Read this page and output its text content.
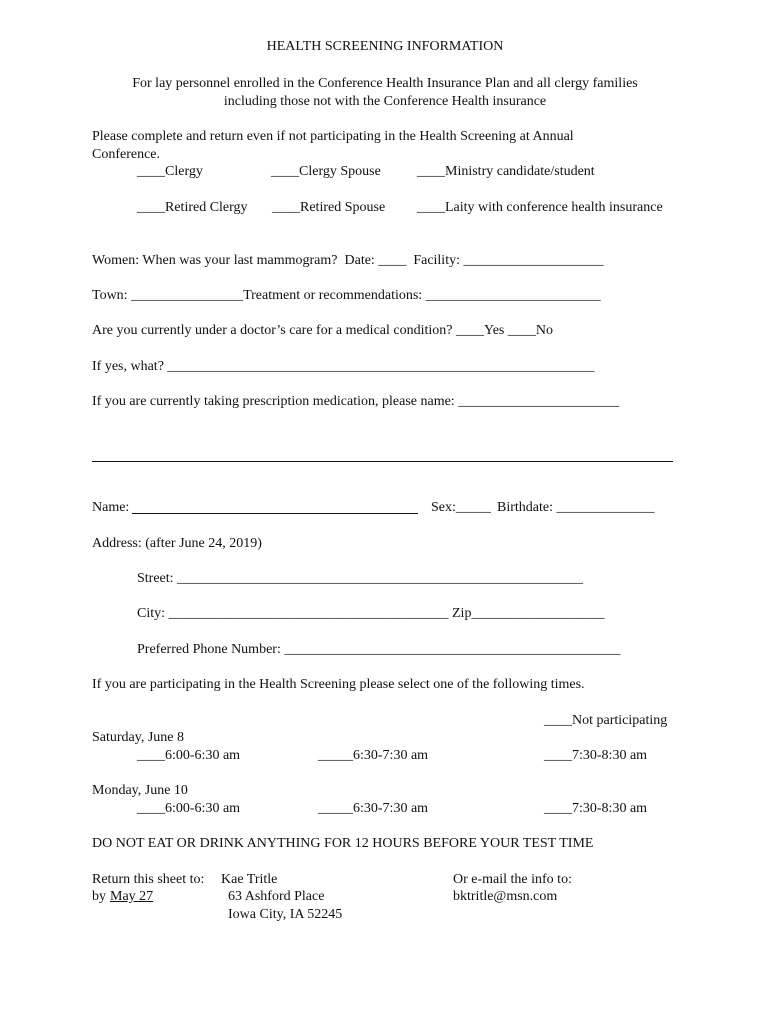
HEALTH SCREENING INFORMATION
For lay personnel enrolled in the Conference Health Insurance Plan and all clergy families
including those not with the Conference Health insurance
Please complete and return even if not participating in the Health Screening at Annual
Conference.
____Clergy	____Clergy Spouse	____Ministry candidate/student
____Retired Clergy ____Retired Spouse ____Laity with conference health insurance
Women: When was your last mammogram?  Date: ____  Facility: ____________________
Town: ________________Treatment or recommendations: _________________________
Are you currently under a doctor’s care for a medical condition? ____Yes ____No
If yes, what? _____________________________________________________________
If you are currently taking prescription medication, please name: _______________________
Name:	Sex:_____ Birthdate: ______________
Address: (after June 24, 2019)
Street: __________________________________________________________
City: ________________________________________ Zip___________________
Preferred Phone Number: ________________________________________________
If you are participating in the Health Screening please select one of the following times.
____Not participating
Saturday, June 8
____6:00-6:30 am	_____6:30-7:30 am	____7:30-8:30 am
Monday, June 10
____6:00-6:30 am	_____6:30-7:30 am	____7:30-8:30 am
DO NOT EAT OR DRINK ANYTHING FOR 12 HOURS BEFORE YOUR TEST TIME
Return this sheet to: Kae Tritle
by May 27	63 Ashford Place
Iowa City, IA 52245
Or e-mail the info to:
bktritle@msn.com
